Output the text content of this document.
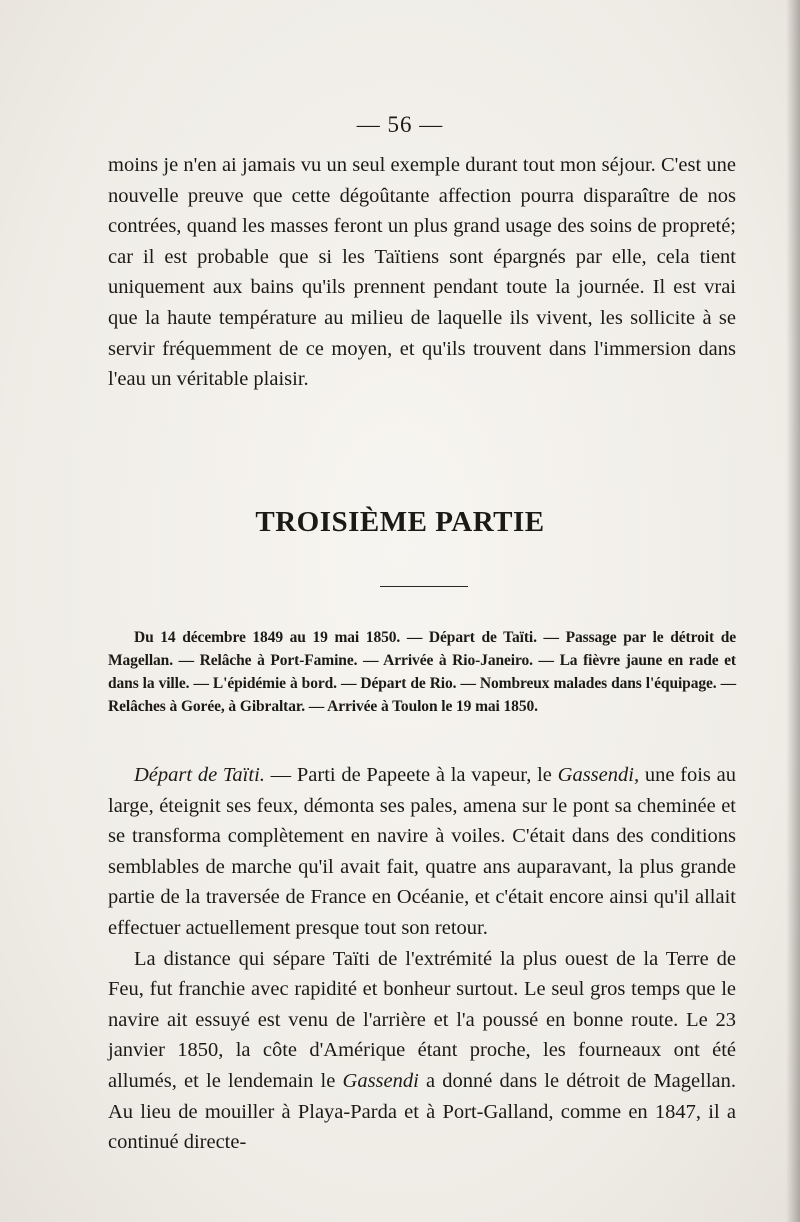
— 56 —

moins je n'en ai jamais vu un seul exemple durant tout mon séjour. C'est une nouvelle preuve que cette dégoûtante affection pourra disparaître de nos contrées, quand les masses feront un plus grand usage des soins de propreté; car il est probable que si les Taïtiens sont épargnés par elle, cela tient uniquement aux bains qu'ils prennent pendant toute la journée. Il est vrai que la haute température au milieu de laquelle ils vivent, les sollicite à se servir fréquemment de ce moyen, et qu'ils trouvent dans l'immersion dans l'eau un véritable plaisir.

TROISIÈME PARTIE

Du 14 décembre 1849 au 19 mai 1850. — Départ de Taïti. — Passage par le détroit de Magellan. — Relâche à Port-Famine. — Arrivée à Rio-Janeiro. — La fièvre jaune en rade et dans la ville. — L'épidémie à bord. — Départ de Rio. — Nombreux malades dans l'équipage. — Relâches à Gorée, à Gibraltar. — Arrivée à Toulon le 19 mai 1850.

Départ de Taïti. — Parti de Papeete à la vapeur, le Gassendi, une fois au large, éteignit ses feux, démonta ses pales, amena sur le pont sa cheminée et se transforma complètement en navire à voiles. C'était dans des conditions semblables de marche qu'il avait fait, quatre ans auparavant, la plus grande partie de la traversée de France en Océanie, et c'était encore ainsi qu'il allait effectuer actuellement presque tout son retour.

La distance qui sépare Taïti de l'extrémité la plus ouest de la Terre de Feu, fut franchie avec rapidité et bonheur surtout. Le seul gros temps que le navire ait essuyé est venu de l'arrière et l'a poussé en bonne route. Le 23 janvier 1850, la côte d'Amérique étant proche, les fourneaux ont été allumés, et le lendemain le Gassendi a donné dans le détroit de Magellan. Au lieu de mouiller à Playa-Parda et à Port-Galland, comme en 1847, il a continué directe-
